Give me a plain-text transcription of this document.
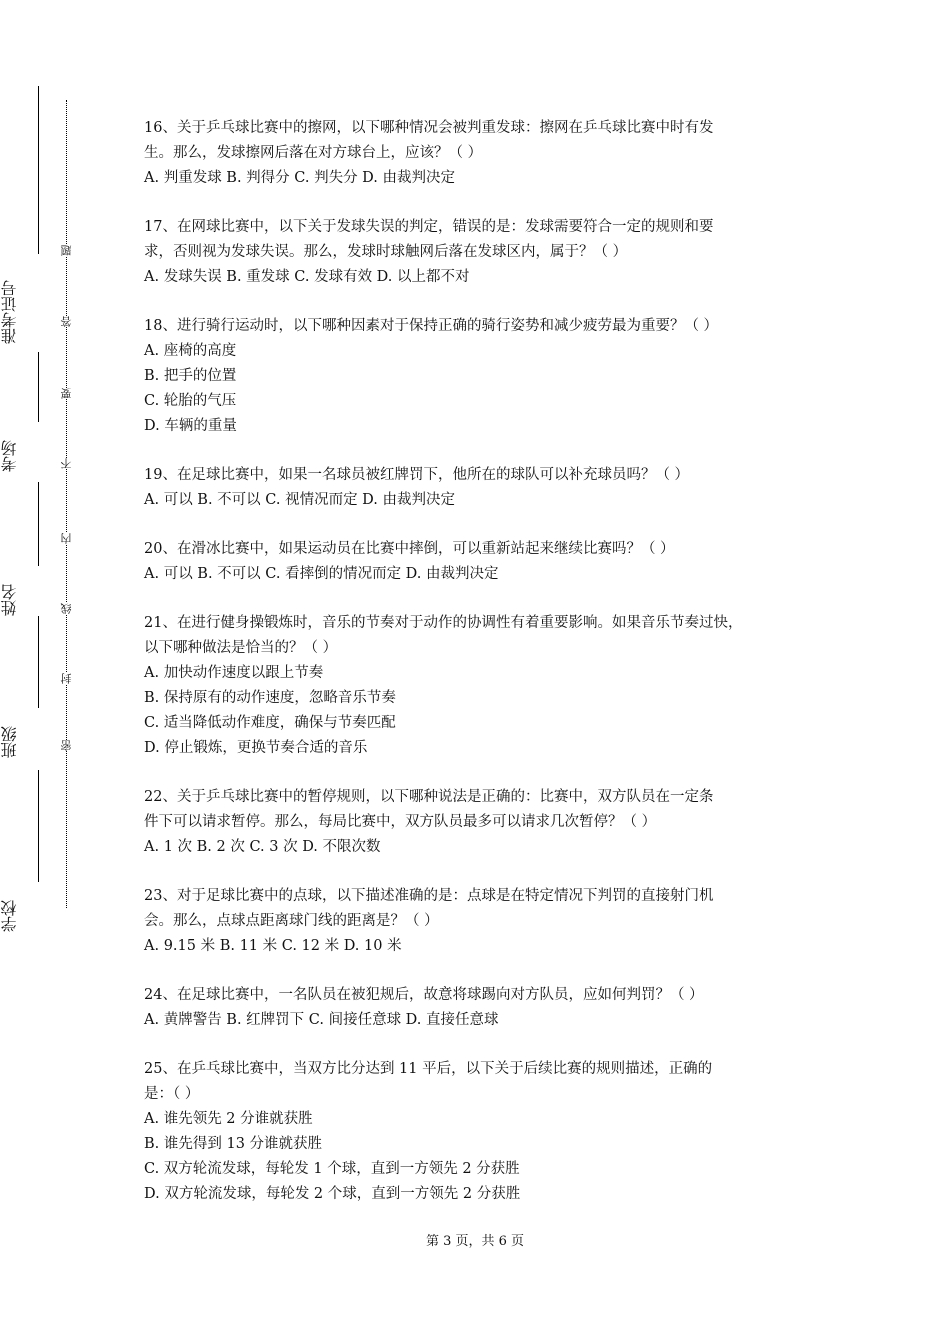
学校
班级
姓名
考场
准考证号
密
封
线
内
不
要
答
题
16、关于乒乓球比赛中的擦网，以下哪种情况会被判重发球：擦网在乒乓球比赛中时有发
生。那么，发球擦网后落在对方球台上，应该？（ ）
A. 判重发球 B. 判得分 C. 判失分 D. 由裁判决定
17、在网球比赛中，以下关于发球失误的判定，错误的是：发球需要符合一定的规则和要
求，否则视为发球失误。那么，发球时球触网后落在发球区内，属于？（ ）
A. 发球失误 B. 重发球 C. 发球有效 D. 以上都不对
18、进行骑行运动时，以下哪种因素对于保持正确的骑行姿势和减少疲劳最为重要？（ ）
A. 座椅的高度
B. 把手的位置
C. 轮胎的气压
D. 车辆的重量
19、在足球比赛中，如果一名球员被红牌罚下，他所在的球队可以补充球员吗？（ ）
A. 可以 B. 不可以 C. 视情况而定 D. 由裁判决定
20、在滑冰比赛中，如果运动员在比赛中摔倒，可以重新站起来继续比赛吗？（ ）
A. 可以 B. 不可以 C. 看摔倒的情况而定 D. 由裁判决定
21、在进行健身操锻炼时，音乐的节奏对于动作的协调性有着重要影响。如果音乐节奏过快，
以下哪种做法是恰当的？（ ）
A. 加快动作速度以跟上节奏
B. 保持原有的动作速度，忽略音乐节奏
C. 适当降低动作难度，确保与节奏匹配
D. 停止锻炼，更换节奏合适的音乐
22、关于乒乓球比赛中的暂停规则，以下哪种说法是正确的：比赛中，双方队员在一定条
件下可以请求暂停。那么，每局比赛中，双方队员最多可以请求几次暂停？（ ）
A. 1 次 B. 2 次 C. 3 次 D. 不限次数
23、对于足球比赛中的点球，以下描述准确的是：点球是在特定情况下判罚的直接射门机
会。那么，点球点距离球门线的距离是？（ ）
A. 9.15 米 B. 11 米 C. 12 米 D. 10 米
24、在足球比赛中，一名队员在被犯规后，故意将球踢向对方队员，应如何判罚？（ ）
A. 黄牌警告 B. 红牌罚下 C. 间接任意球 D. 直接任意球
25、在乒乓球比赛中，当双方比分达到 11 平后，以下关于后续比赛的规则描述，正确的
是：（ ）
A. 谁先领先 2 分谁就获胜
B. 谁先得到 13 分谁就获胜
C. 双方轮流发球，每轮发 1 个球，直到一方领先 2 分获胜
D. 双方轮流发球，每轮发 2 个球，直到一方领先 2 分获胜
第 3 页，共 6 页
